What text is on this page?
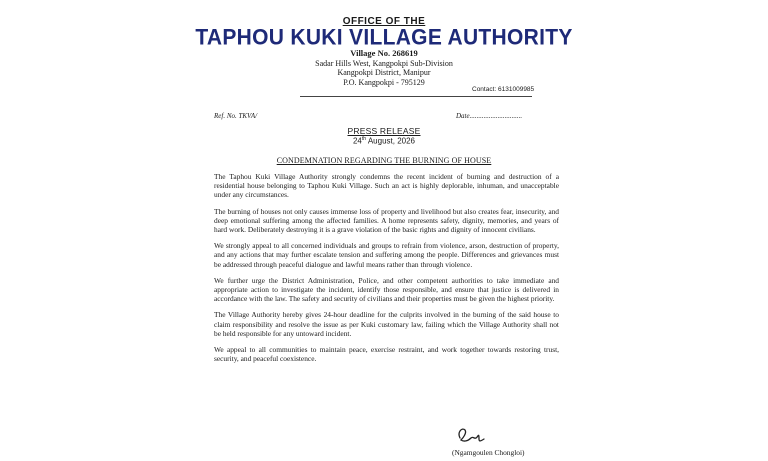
OFFICE OF THE
TAPHOU KUKI VILLAGE AUTHORITY
Village No. 268619
Sadar Hills West, Kangpokpi Sub-Division
Kangpokpi District, Manipur
P.O. Kangpokpi - 795129
Contact: 6131009985
Ref. No. TKVA/	Date..............................
PRESS RELEASE
24th August, 2026
CONDEMNATION REGARDING THE BURNING OF HOUSE

The Taphou Kuki Village Authority strongly condemns the recent incident of burning and destruction of a residential house belonging to Taphou Kuki Village. Such an act is highly deplorable, inhuman, and unacceptable under any circumstances.

The burning of houses not only causes immense loss of property and livelihood but also creates fear, insecurity, and deep emotional suffering among the affected families. A home represents safety, dignity, memories, and years of hard work. Deliberately destroying it is a grave violation of the basic rights and dignity of innocent civilians.

We strongly appeal to all concerned individuals and groups to refrain from violence, arson, destruction of property, and any actions that may further escalate tension and suffering among the people. Differences and grievances must be addressed through peaceful dialogue and lawful means rather than through violence.

We further urge the District Administration, Police, and other competent authorities to take immediate and appropriate action to investigate the incident, identify those responsible, and ensure that justice is delivered in accordance with the law. The safety and security of civilians and their properties must be given the highest priority.

The Village Authority hereby gives 24-hour deadline for the culprits involved in the burning of the said house to claim responsibility and resolve the issue as per Kuki customary law, failing which the Village Authority shall not be held responsible for any untoward incident.

We appeal to all communities to maintain peace, exercise restraint, and work together towards restoring trust, security, and peaceful coexistence.

(Ngamgoulen Chongloi)
